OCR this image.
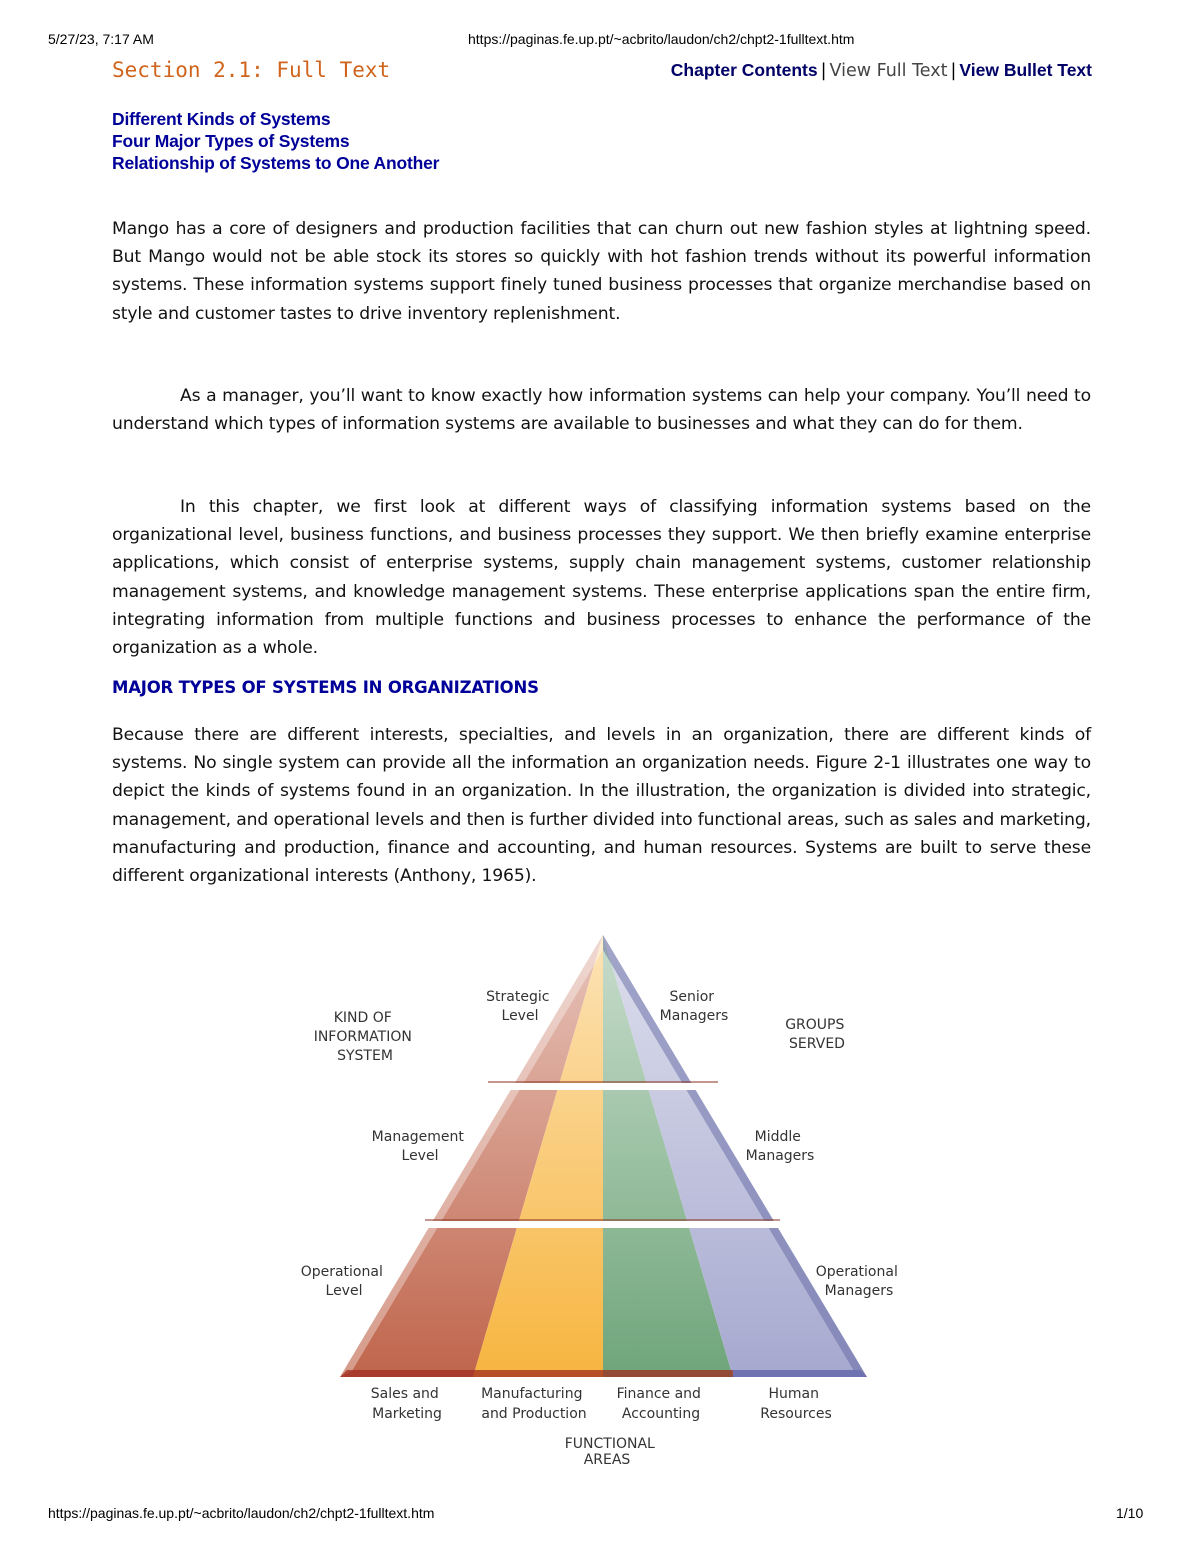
5/27/23, 7:17 AM	https://paginas.fe.up.pt/~acbrito/laudon/ch2/chpt2-1fulltext.htm
Section 2.1: Full Text	Chapter Contents | View Full Text | View Bullet Text
Different Kinds of Systems
Four Major Types of Systems
Relationship of Systems to One Another

Mango has a core of designers and production facilities that can churn out new fashion styles at lightning speed. But Mango would not be able stock its stores so quickly with hot fashion trends without its powerful information systems. These information systems support finely tuned business processes that organize merchandise based on style and customer tastes to drive inventory replenishment.

As a manager, you’ll want to know exactly how information systems can help your company. You’ll need to understand which types of information systems are available to businesses and what they can do for them.

In this chapter, we first look at different ways of classifying information systems based on the organizational level, business functions, and business processes they support. We then briefly examine enterprise applications, which consist of enterprise systems, supply chain management systems, customer relationship management systems, and knowledge management systems. These enterprise applications span the entire firm, integrating information from multiple functions and business processes to enhance the performance of the organization as a whole.

MAJOR TYPES OF SYSTEMS IN ORGANIZATIONS

Because there are different interests, specialties, and levels in an organization, there are different kinds of systems. No single system can provide all the information an organization needs. Figure 2-1 illustrates one way to depict the kinds of systems found in an organization. In the illustration, the organization is divided into strategic, management, and operational levels and then is further divided into functional areas, such as sales and marketing, manufacturing and production, finance and accounting, and human resources. Systems are built to serve these different organizational interests (Anthony, 1965).

KIND OF INFORMATION SYSTEM
GROUPS SERVED
Strategic Level
Management Level
Operational Level
Senior Managers
Middle Managers
Operational Managers
Sales and Marketing
Manufacturing and Production
Finance and Accounting
Human Resources
FUNCTIONAL AREAS
https://paginas.fe.up.pt/~acbrito/laudon/ch2/chpt2-1fulltext.htm	1/10
